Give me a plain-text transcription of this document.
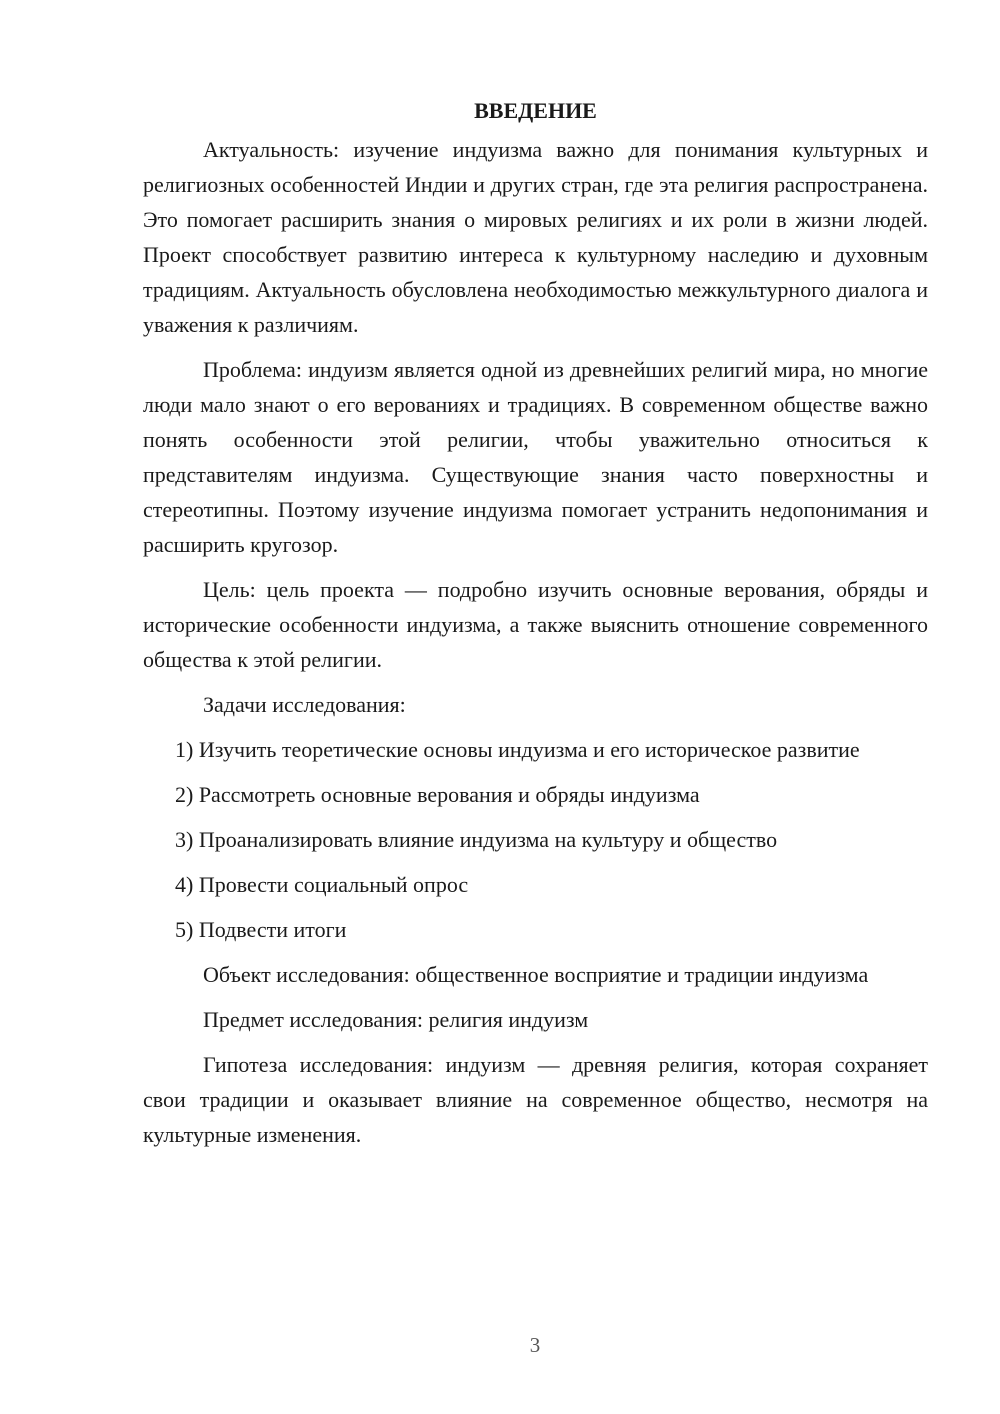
ВВЕДЕНИЕ

Актуальность: изучение индуизма важно для понимания культурных и религиозных особенностей Индии и других стран, где эта религия распространена. Это помогает расширить знания о мировых религиях и их роли в жизни людей. Проект способствует развитию интереса к культурному наследию и духовным традициям. Актуальность обусловлена необходимостью межкультурного диалога и уважения к различиям.

Проблема: индуизм является одной из древнейших религий мира, но многие люди мало знают о его верованиях и традициях. В современном обществе важно понять особенности этой религии, чтобы уважительно относиться к представителям индуизма. Существующие знания часто поверхностны и стереотипны. Поэтому изучение индуизма помогает устранить недопонимания и расширить кругозор.

Цель: цель проекта — подробно изучить основные верования, обряды и исторические особенности индуизма, а также выяснить отношение современного общества к этой религии.

Задачи исследования:

1) Изучить теоретические основы индуизма и его историческое развитие

2) Рассмотреть основные верования и обряды индуизма

3) Проанализировать влияние индуизма на культуру и общество

4) Провести социальный опрос

5) Подвести итоги

Объект исследования: общественное восприятие и традиции индуизма

Предмет исследования: религия индуизм

Гипотеза исследования: индуизм — древняя религия, которая сохраняет свои традиции и оказывает влияние на современное общество, несмотря на культурные изменения.

3
